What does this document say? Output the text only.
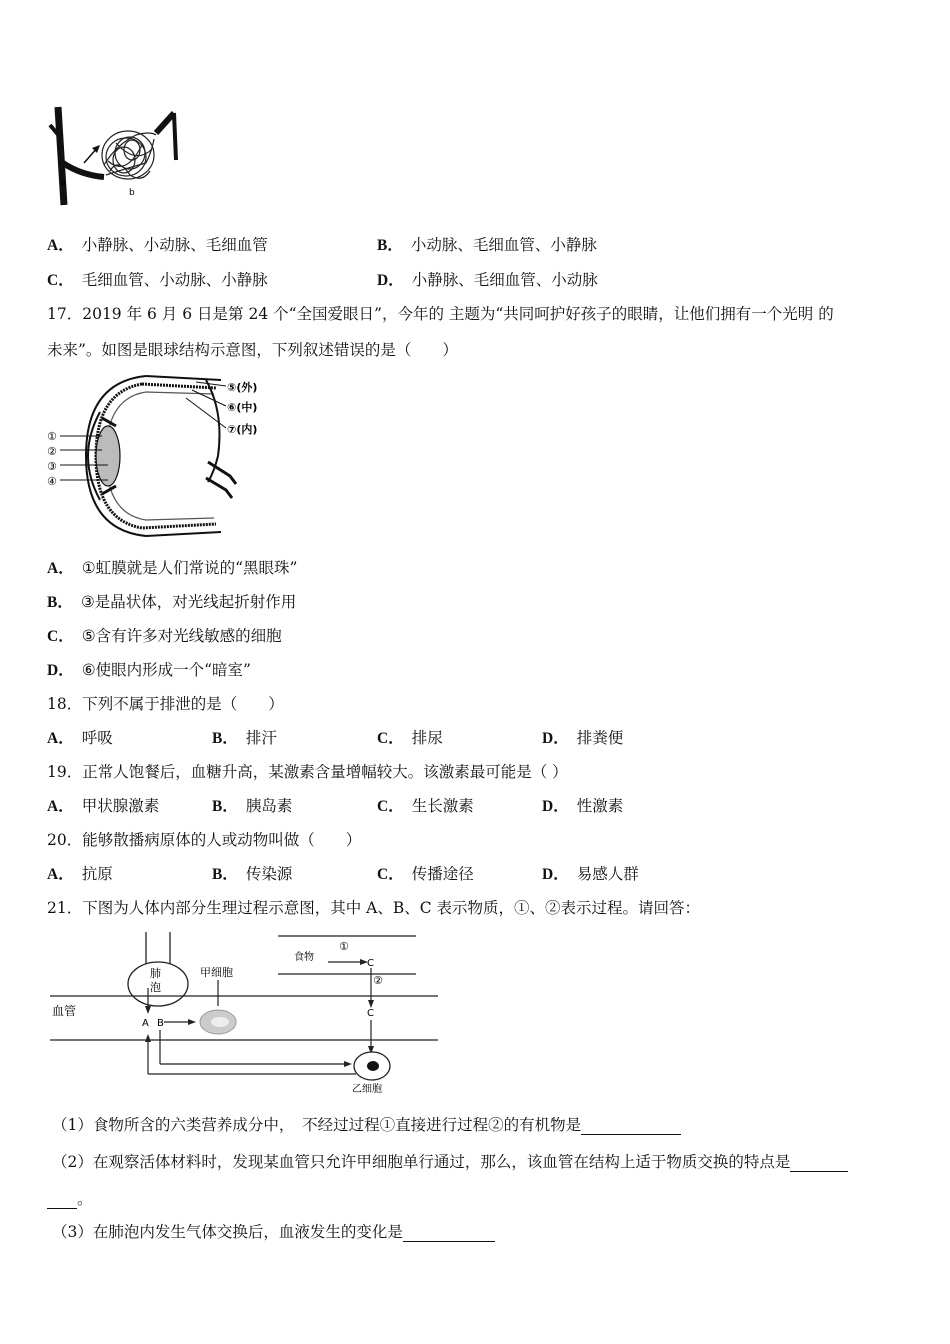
a
b
c
A． 小静脉、小动脉、毛细血管	B． 小动脉、毛细血管、小静脉
C． 毛细血管、小动脉、小静脉	D． 小静脉、毛细血管、小动脉
17．2019 年 6 月 6 日是第 24 个“全国爱眼日”，今年的 主题为“共同呵护好孩子的眼睛，让他们拥有一个光明 的
未来”。如图是眼球结构示意图，下列叙述错误的是（　　）
⑤(外)
⑥(中)
⑦(内)
①
②
③
④
A． ①虹膜就是人们常说的“黑眼珠”
B． ③是晶状体，对光线起折射作用
C． ⑤含有许多对光线敏感的细胞
D． ⑥使眼内形成一个“暗室”
18．下列不属于排泄的是（　　）
A． 呼吸	B． 排汗	C． 排尿	D． 排粪便
19．正常人饱餐后，血糖升高，某激素含量增幅较大。该激素最可能是（ ）
A． 甲状腺激素	B． 胰岛素	C． 生长激素	D． 性激素
20．能够散播病原体的人或动物叫做（　　）
A． 抗原	B． 传染源	C． 传播途径	D． 易感人群
21．下图为人体内部分生理过程示意图，其中 A、B、C 表示物质，①、②表示过程。请回答：
肺
泡
血管
食物
①
C
②
C
甲细胞
A B
乙细胞
（1）食物所含的六类营养成分中，　不经过过程①直接进行过程②的有机物是
（2）在观察活体材料时，发现某血管只允许甲细胞单行通过，那么，该血管在结构上适于物质交换的特点是
。
（3）在肺泡内发生气体交换后，血液发生的变化是
